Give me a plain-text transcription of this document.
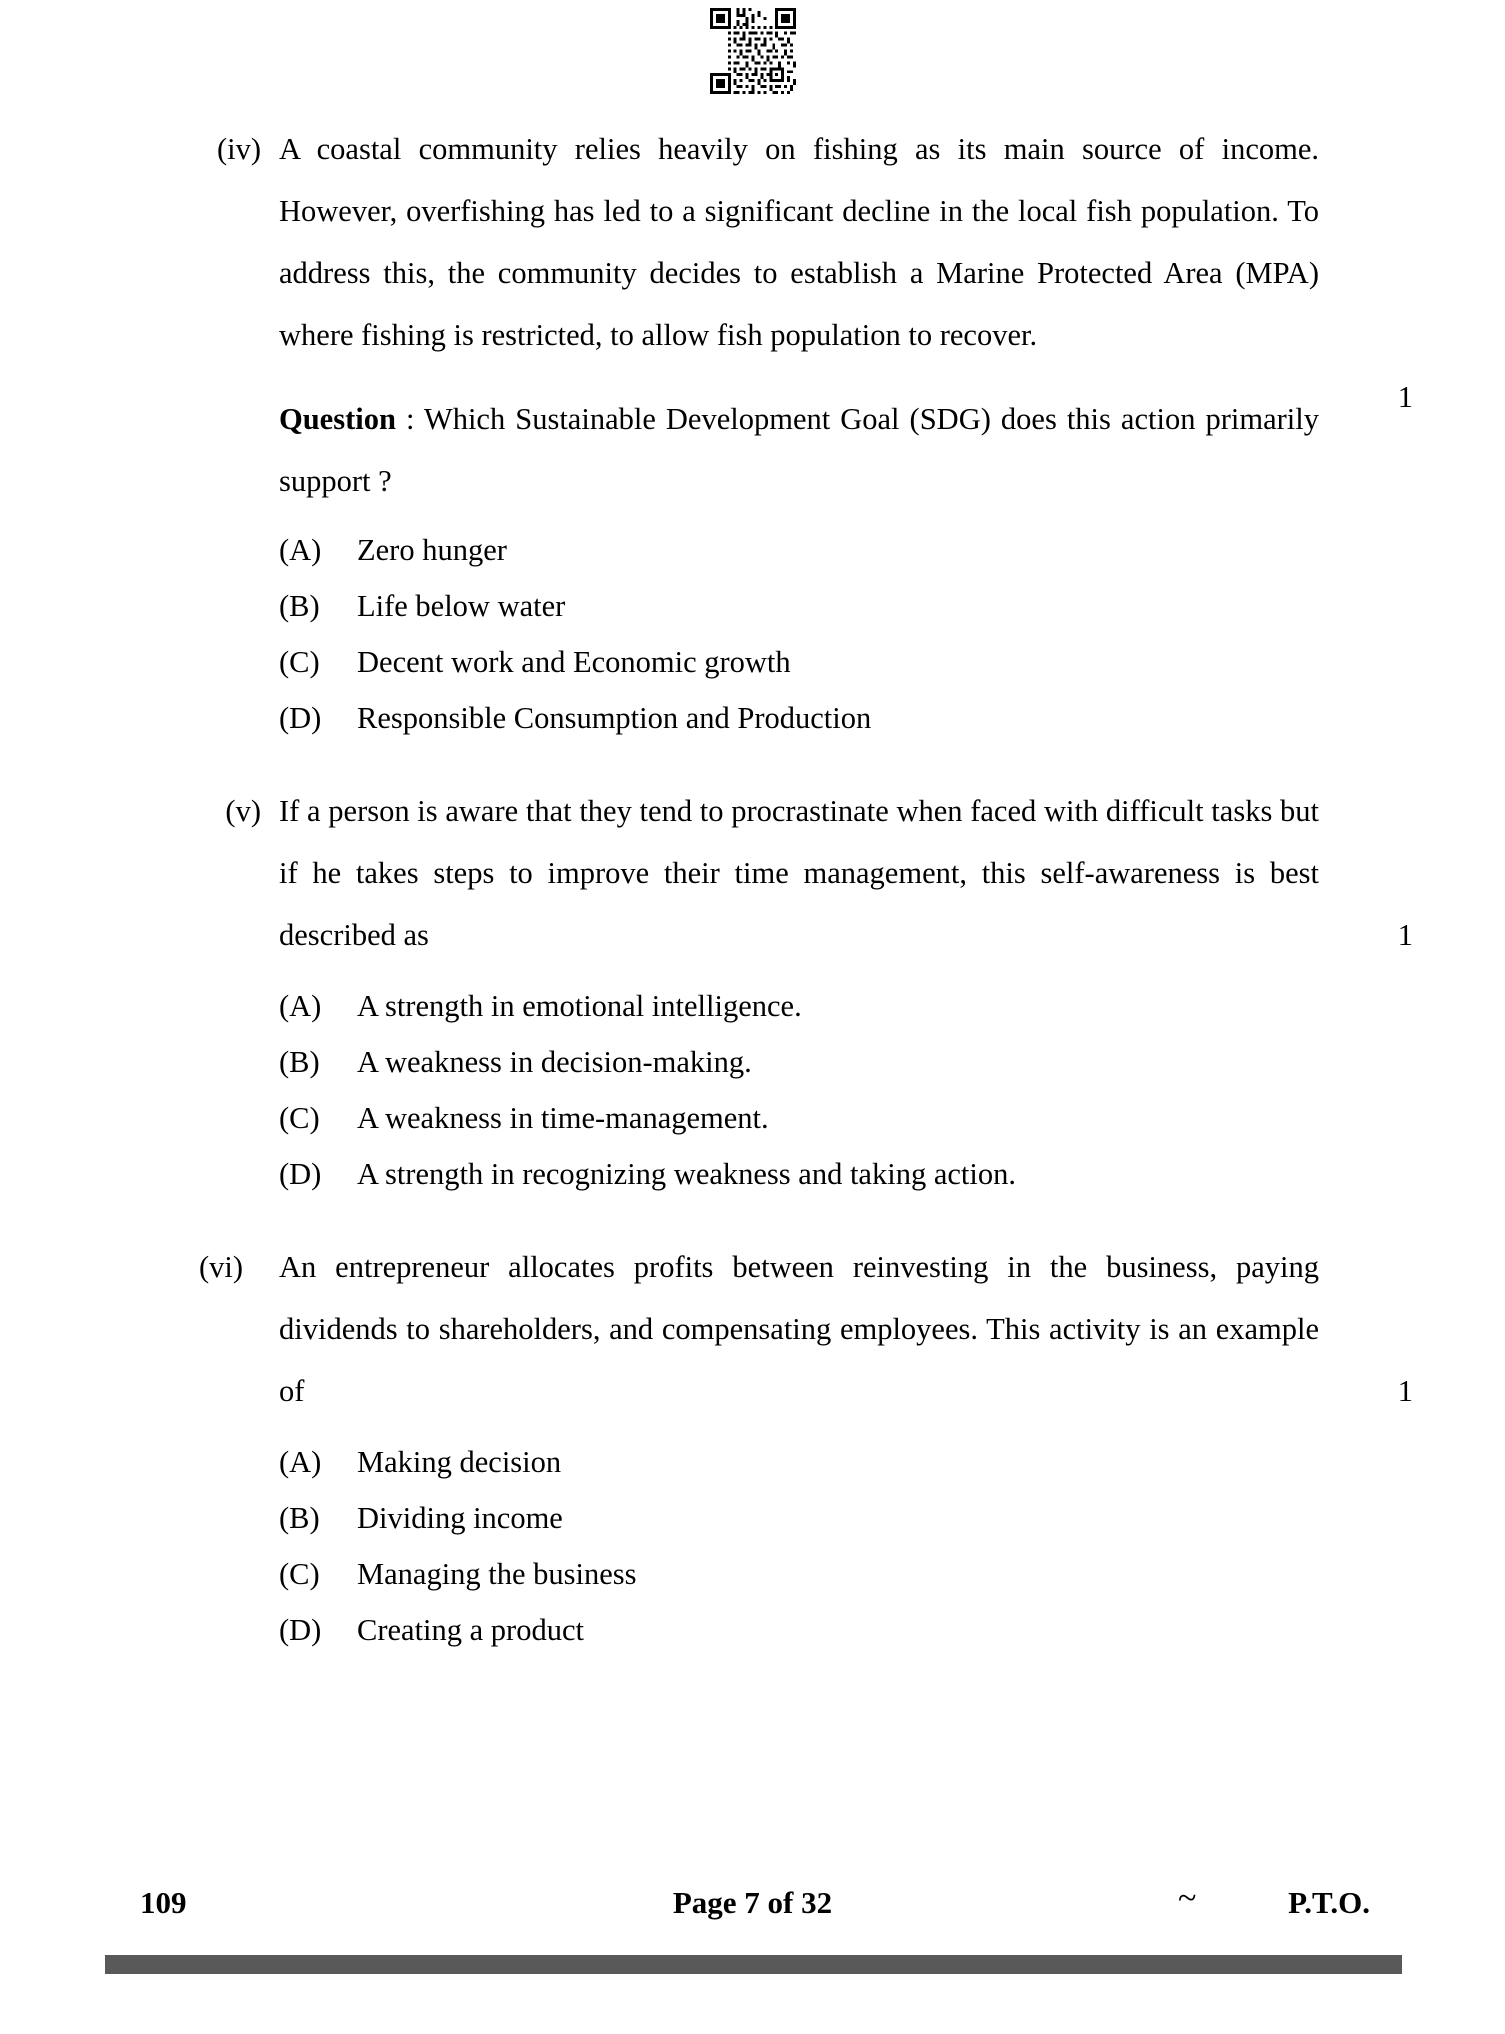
(iv) A coastal community relies heavily on fishing as its main source of income. However, overfishing has led to a significant decline in the local fish population. To address this, the community decides to establish a Marine Protected Area (MPA) where fishing is restricted, to allow fish population to recover.
1
Question : Which Sustainable Development Goal (SDG) does this action primarily support ?
(A)	Zero hunger
(B)	Life below water
(C)	Decent work and Economic growth
(D)	Responsible Consumption and Production
(v) If a person is aware that they tend to procrastinate when faced with difficult tasks but if he takes steps to improve their time management, this self-awareness is best described as	1
(A)	A strength in emotional intelligence.
(B)	A weakness in decision-making.
(C)	A weakness in time-management.
(D)	A strength in recognizing weakness and taking action.
(vi)	An entrepreneur allocates profits between reinvesting in the business, paying dividends to shareholders, and compensating employees. This activity is an example of	1
(A)	Making decision
(B)	Dividing income
(C)	Managing the business
(D)	Creating a product
109	Page 7 of 32	~	P.T.O.
